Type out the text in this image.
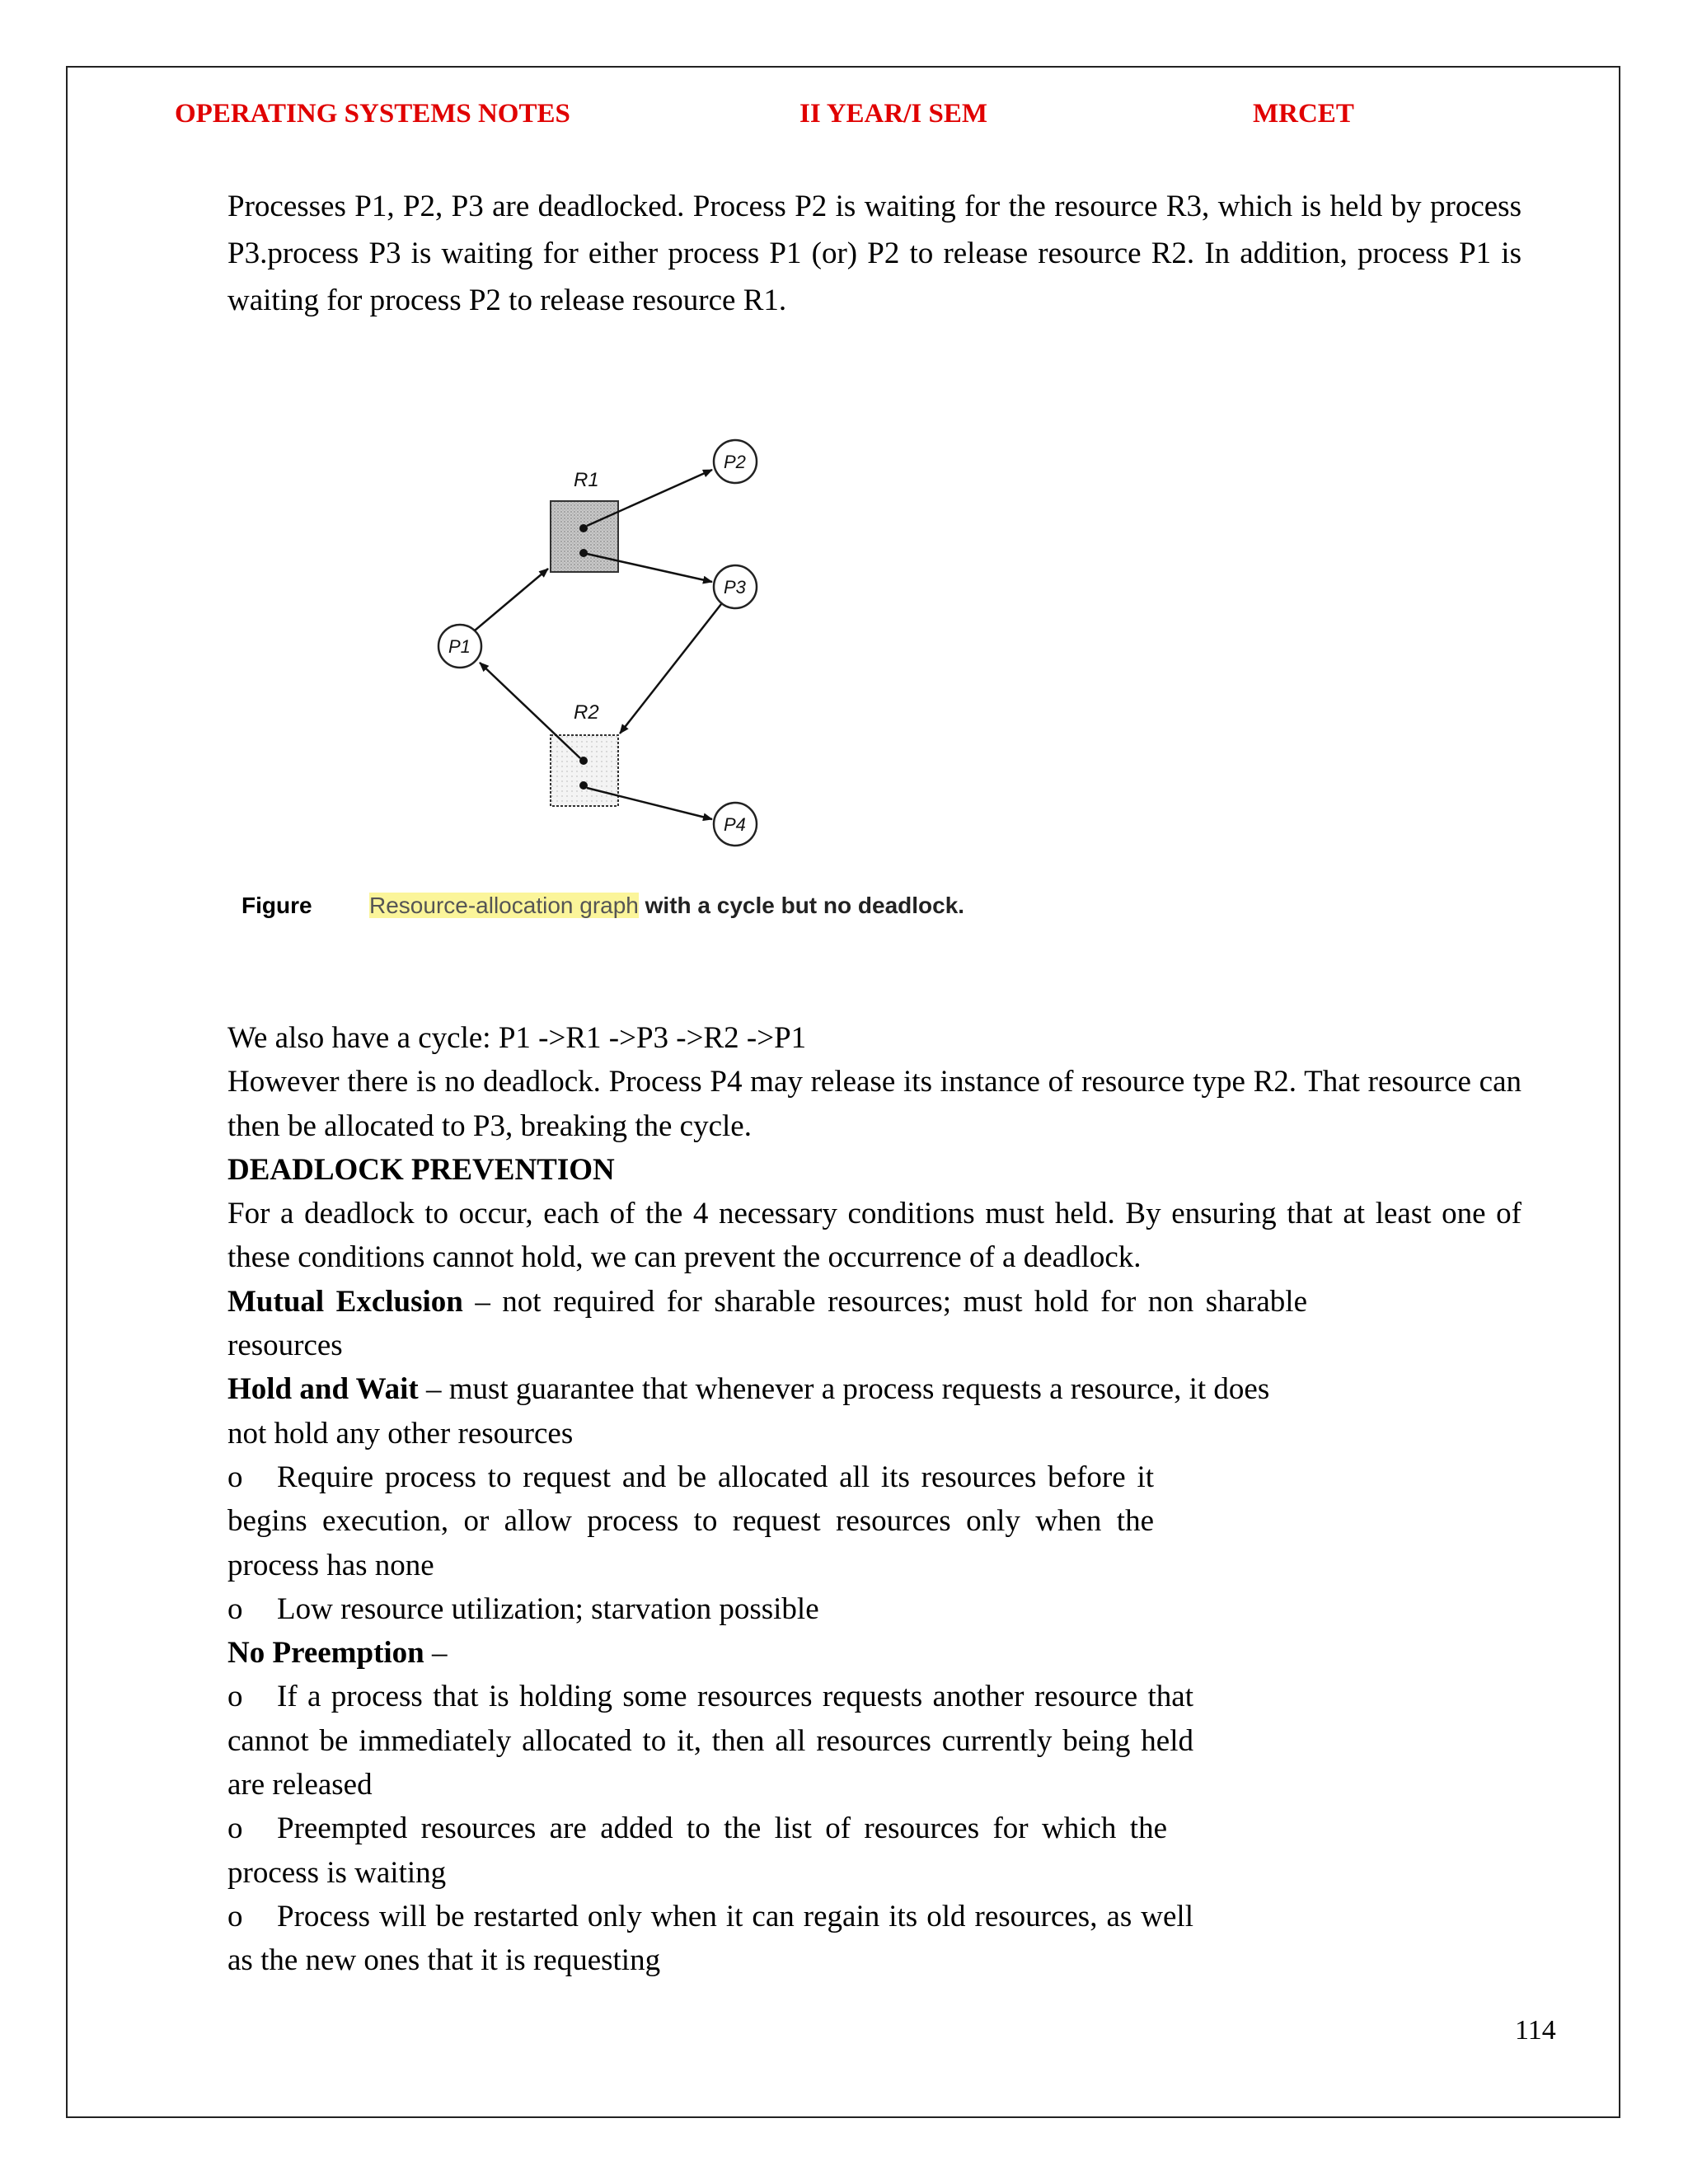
OPERATING SYSTEMS NOTES	II YEAR/I SEM	MRCET
Processes P1, P2, P3 are deadlocked. Process P2 is waiting for the resource R3, which is held by process P3.process P3 is waiting for either process P1 (or) P2 to release resource R2. In addition, process P1 is waiting for process P2 to release resource R1.
R1
R2
P1
P2
P3
P4
Figure Resource-allocation graph with a cycle but no deadlock.

We also have a cycle: P1 ->R1 ->P3 ->R2 ->P1

However there is no deadlock. Process P4 may release its instance of resource type R2. That resource can then be allocated to P3, breaking the cycle.

DEADLOCK PREVENTION

For a deadlock to occur, each of the 4 necessary conditions must held. By ensuring that at least one of these conditions cannot hold, we can prevent the occurrence of a deadlock.

Mutual Exclusion – not required for sharable resources; must hold for non sharable resources

Hold and Wait – must guarantee that whenever a process requests a resource, it does not hold any other resources

o Require process to request and be allocated all its resources before it begins execution, or allow process to request resources only when the process has none

o Low resource utilization; starvation possible

No Preemption –

o If a process that is holding some resources requests another resource that cannot be immediately allocated to it, then all resources currently being held are released

o Preempted resources are added to the list of resources for which the process is waiting

o Process will be restarted only when it can regain its old resources, as well as the new ones that it is requesting

114
